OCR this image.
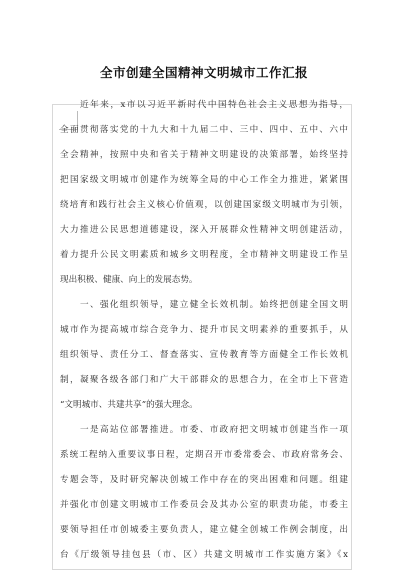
全市创建全国精神文明城市工作汇报
近年来，x市以习近平新时代中国特色社会主义思想为指导，
全面贯彻落实党的十九大和十九届二中、三中、四中、五中、六中
全会精神，按照中央和省关于精神文明建设的决策部署，始终坚持
把国家级文明城市创建作为统筹全局的中心工作全力推进，紧紧围
绕培育和践行社会主义核心价值观，以创建国家级文明城市为引领，
大力推进公民思想道德建设，深入开展群众性精神文明创建活动，
着力提升公民文明素质和城乡文明程度，全市精神文明建设工作呈
现出积极、健康、向上的发展态势。
一、强化组织领导，建立健全长效机制。始终把创建全国文明
城市作为提高城市综合竞争力、提升市民文明素养的重要抓手，从
组织领导、责任分工、督查落实、宣传教育等方面健全工作长效机
制，凝聚各级各部门和广大干部群众的思想合力，在全市上下营造
“文明城市、共建共享”的强大理念。
一是高站位部署推进。市委、市政府把文明城市创建当作一项
系统工程纳入重要议事日程，定期召开市委常委会、市政府常务会、
专题会等，及时研究解决创城工作中存在的突出困难和问题。组建
并强化市创建文明城市工作委员会及其办公室的职责功能，市委主
要领导担任市创城委主要负责人，建立健全创城工作例会制度，出
台《厅级领导挂包县（市、区）共建文明城市工作实施方案》《x
